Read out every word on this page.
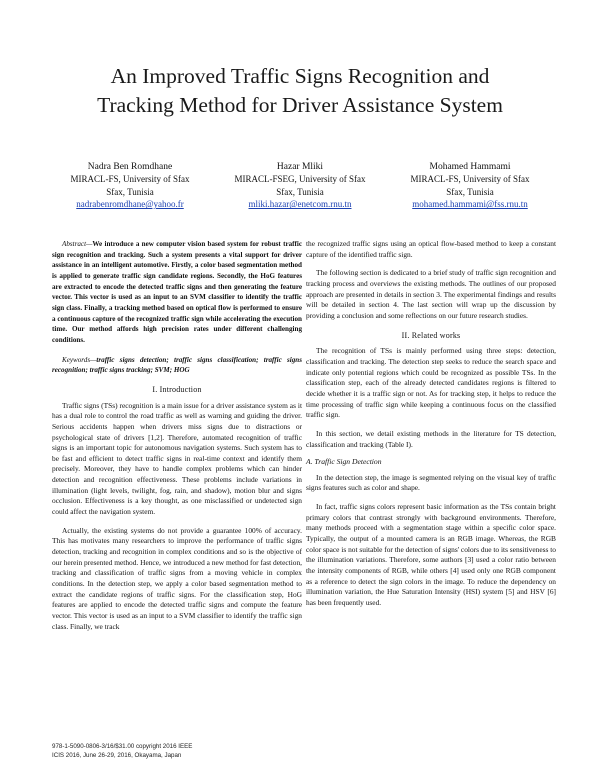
An Improved Traffic Signs Recognition and
Tracking Method for Driver Assistance System
Nadra Ben Romdhane
MIRACL-FS, University of Sfax
Sfax, Tunisia
nadrabenromdhane@yahoo.fr
Hazar Mliki
MIRACL-FSEG, University of Sfax
Sfax, Tunisia
mliki.hazar@enetcom.rnu.tn
Mohamed Hammami
MIRACL-FS, University of Sfax
Sfax, Tunisia
mohamed.hammami@fss.rnu.tn

Abstract—We introduce a new computer vision based system for robust traffic sign recognition and tracking. Such a system presents a vital support for driver assistance in an intelligent automotive. Firstly, a color based segmentation method is applied to generate traffic sign candidate regions. Secondly, the HoG features are extracted to encode the detected traffic signs and then generating the feature vector. This vector is used as an input to an SVM classifier to identify the traffic sign class. Finally, a tracking method based on optical flow is performed to ensure a continuous capture of the recognized traffic sign while accelerating the execution time. Our method affords high precision rates under different challenging conditions.

Keywords—traffic signs detection; traffic signs classification; traffic signs recognition; traffic signs tracking; SVM; HOG

I. Introduction

Traffic signs (TSs) recognition is a main issue for a driver assistance system as it has a dual role to control the road traffic as well as warning and guiding the driver. Serious accidents happen when drivers miss signs due to distractions or psychological state of drivers [1,2]. Therefore, automated recognition of traffic signs is an important topic for autonomous navigation systems. Such system has to be fast and efficient to detect traffic signs in real-time context and identify them precisely. Moreover, they have to handle complex problems which can hinder detection and recognition effectiveness. These problems include variations in illumination (light levels, twilight, fog, rain, and shadow), motion blur and signs occlusion. Effectiveness is a key thought, as one misclassified or undetected sign could affect the navigation system.

Actually, the existing systems do not provide a guarantee 100% of accuracy. This has motivates many researchers to improve the performance of traffic signs detection, tracking and recognition in complex conditions and so is the objective of our herein presented method. Hence, we introduced a new method for fast detection, tracking and classification of traffic signs from a moving vehicle in complex conditions. In the detection step, we apply a color based segmentation method to extract the candidate regions of traffic signs. For the classification step, HoG features are applied to encode the detected traffic signs and compute the feature vector. This vector is used as an input to a SVM classifier to identify the traffic sign class. Finally, we track

the recognized traffic signs using an optical flow-based method to keep a constant capture of the identified traffic sign.

The following section is dedicated to a brief study of traffic sign recognition and tracking process and overviews the existing methods. The outlines of our proposed approach are presented in details in section 3. The experimental findings and results will be detailed in section 4. The last section will wrap up the discussion by providing a conclusion and some reflections on our future research studies.

II. Related works

The recognition of TSs is mainly performed using three steps: detection, classification and tracking. The detection step seeks to reduce the search space and indicate only potential regions which could be recognized as possible TSs. In the classification step, each of the already detected candidates regions is filtered to decide whether it is a traffic sign or not. As for tracking step, it helps to reduce the time processing of traffic sign while keeping a continuous focus on the classified traffic sign.

In this section, we detail existing methods in the literature for TS detection, classification and tracking (Table I).

A. Traffic Sign Detection

In the detection step, the image is segmented relying on the visual key of traffic signs features such as color and shape.

In fact, traffic signs colors represent basic information as the TSs contain bright primary colors that contrast strongly with background environments. Therefore, many methods proceed with a segmentation stage within a specific color space. Typically, the output of a mounted camera is an RGB image. Whereas, the RGB color space is not suitable for the detection of signs' colors due to its sensitiveness to the illumination variations. Therefore, some authors [3] used a color ratio between the intensity components of RGB, while others [4] used only one RGB component as a reference to detect the sign colors in the image. To reduce the dependency on illumination variation, the Hue Saturation Intensity (HSI) system [5] and HSV [6] has been frequently used.

978-1-5090-0806-3/16/$31.00 copyright 2016 IEEE
ICIS 2016, June 26-29, 2016, Okayama, Japan
